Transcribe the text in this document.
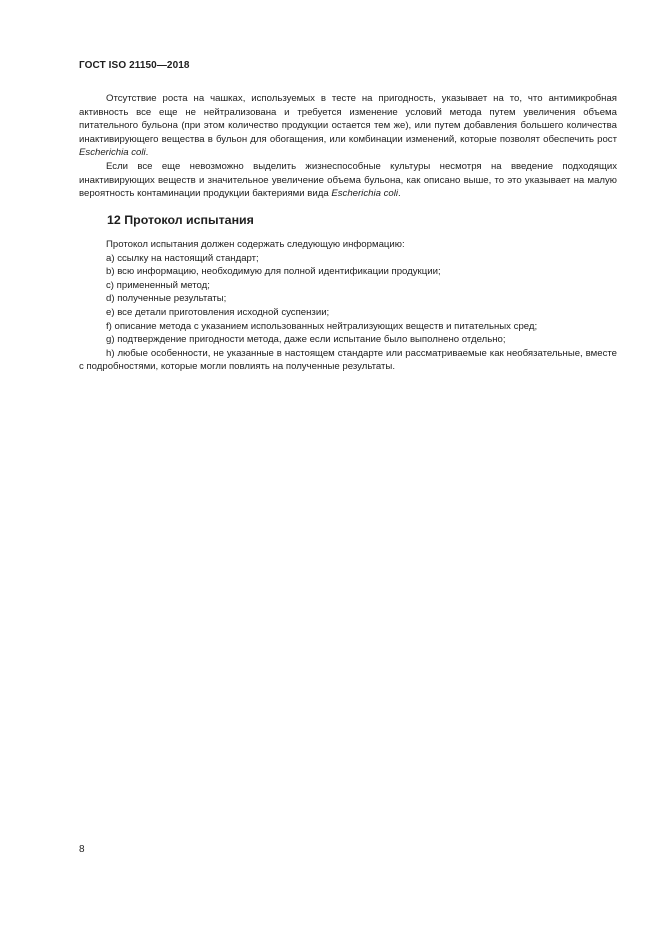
ГОСТ ISO 21150—2018

Отсутствие роста на чашках, используемых в тесте на пригодность, указывает на то, что антимикробная активность все еще не нейтрализована и требуется изменение условий метода путем увеличения объема питательного бульона (при этом количество продукции остается тем же), или путем добавления большего количества инактивирующего вещества в бульон для обогащения, или комбинации изменений, которые позволят обеспечить рост Escherichia coli.

Если все еще невозможно выделить жизнеспособные культуры несмотря на введение подходящих инактивирующих веществ и значительное увеличение объема бульона, как описано выше, то это указывает на малую вероятность контаминации продукции бактериями вида Escherichia coli.

12 Протокол испытания

Протокол испытания должен содержать следующую информацию:

a) ссылку на настоящий стандарт;

b) всю информацию, необходимую для полной идентификации продукции;

c) примененный метод;

d) полученные результаты;

e) все детали приготовления исходной суспензии;

f) описание метода с указанием использованных нейтрализующих веществ и питательных сред;

g) подтверждение пригодности метода, даже если испытание было выполнено отдельно;

h) любые особенности, не указанные в настоящем стандарте или рассматриваемые как необязательные, вместе с подробностями, которые могли повлиять на полученные результаты.

8
